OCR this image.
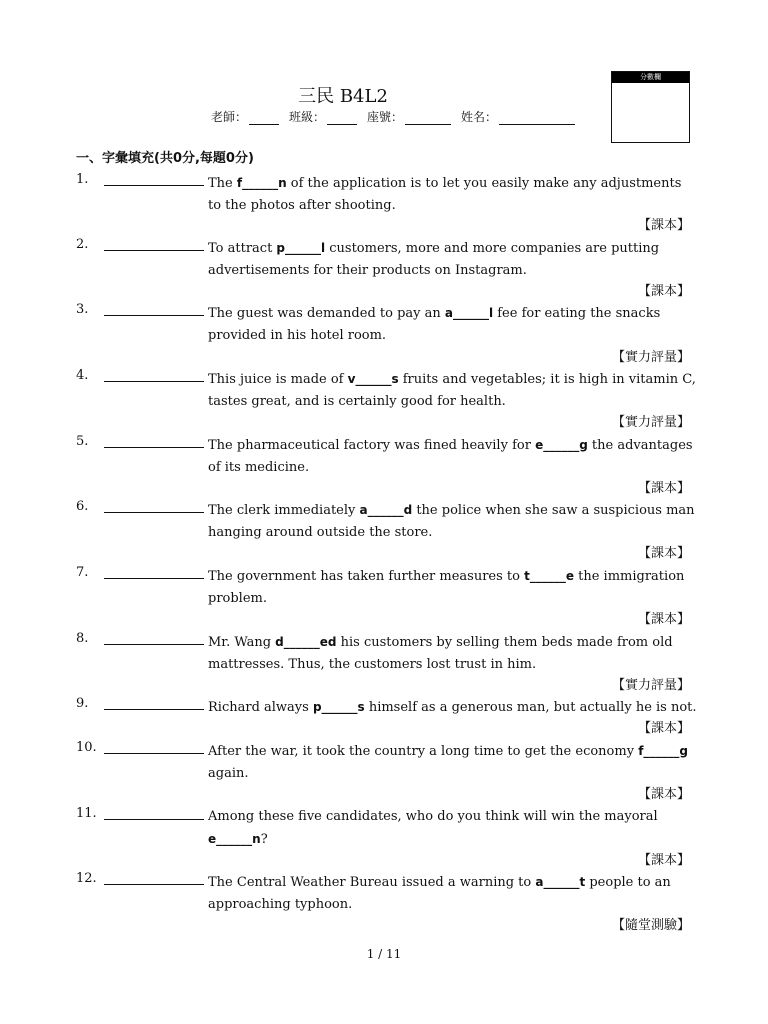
三民 B4L2
老師：	班級：	座號：	姓名：
分數欄
一、字彙填充(共0分,每題0分)
1.	The f______n of the application is to let you easily make any adjustments to the photos after shooting.
【課本】
2.	To attract p______l customers, more and more companies are putting advertisements for their products on Instagram.
【課本】
3.	The guest was demanded to pay an a______l fee for eating the snacks provided in his hotel room.
【實力評量】
4.	This juice is made of v______s fruits and vegetables; it is high in vitamin C, tastes great, and is certainly good for health.
【實力評量】
5.	The pharmaceutical factory was fined heavily for e______g the advantages of its medicine.
【課本】
6.	The clerk immediately a______d the police when she saw a suspicious man hanging around outside the store.
【課本】
7.	The government has taken further measures to t______e the immigration problem.
【課本】
8.	Mr. Wang d______ed his customers by selling them beds made from old mattresses. Thus, the customers lost trust in him.
【實力評量】
9.	Richard always p______s himself as a generous man, but actually he is not.
【課本】
10.	After the war, it took the country a long time to get the economy f______g again.
【課本】
11.	Among these five candidates, who do you think will win the mayoral e______n?
【課本】
12.	The Central Weather Bureau issued a warning to a______t people to an approaching typhoon.
【隨堂測驗】
1 / 11
